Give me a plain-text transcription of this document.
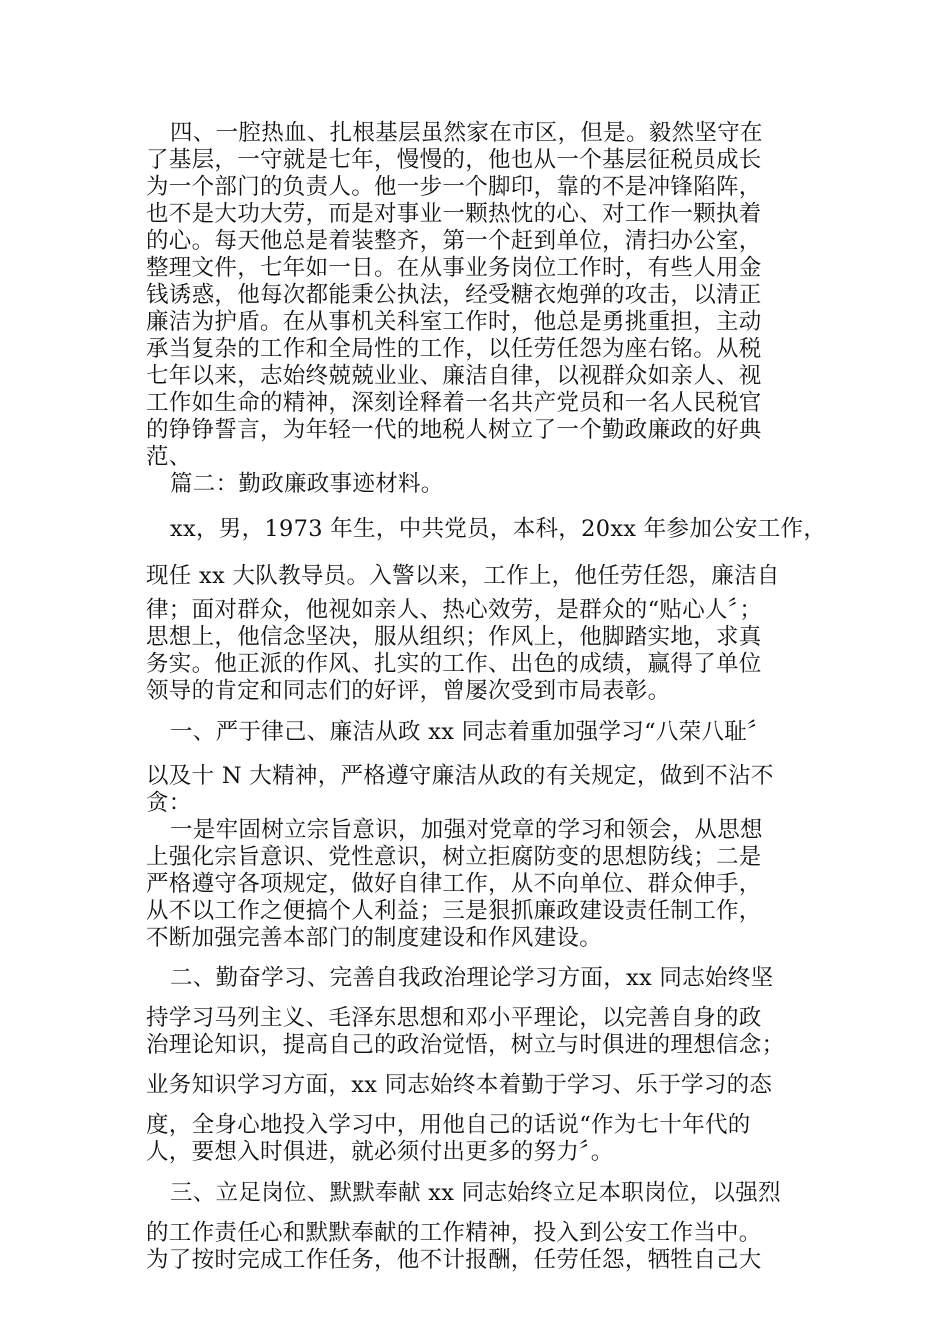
四、一腔热血、扎根基层虽然家在市区，但是。毅然坚守在

了基层，一守就是七年，慢慢的，他也从一个基层征税员成长

为一个部门的负责人。他一步一个脚印，靠的不是冲锋陷阵，

也不是大功大劳，而是对事业一颗热忱的心、对工作一颗执着

的心。每天他总是着装整齐，第一个赶到单位，清扫办公室，

整理文件，七年如一日。在从事业务岗位工作时，有些人用金

钱诱惑，他每次都能秉公执法，经受糖衣炮弹的攻击，以清正

廉洁为护盾。在从事机关科室工作时，他总是勇挑重担，主动

承当复杂的工作和全局性的工作，以任劳任怨为座右铭。从税

七年以来，志始终兢兢业业、廉洁自律，以视群众如亲人、视

工作如生命的精神，深刻诠释着一名共产党员和一名人民税官

的铮铮誓言，为年轻一代的地税人树立了一个勤政廉政的好典

范、

篇二：勤政廉政事迹材料。

xx，男，1973 年生，中共党员，本科，20xx 年参加公安工作，

现任 xx 大队教导员。入警以来，工作上，他任劳任怨，廉洁自

律；面对群众，他视如亲人、热心效劳，是群众的“贴心人〞；

思想上，他信念坚决，服从组织；作风上，他脚踏实地，求真

务实。他正派的作风、扎实的工作、出色的成绩，赢得了单位

领导的肯定和同志们的好评，曾屡次受到市局表彰。

一、严于律己、廉洁从政 xx 同志着重加强学习“八荣八耻〞

以及十 N 大精神，严格遵守廉洁从政的有关规定，做到不沾不

贪：

一是牢固树立宗旨意识，加强对党章的学习和领会，从思想

上强化宗旨意识、党性意识，树立拒腐防变的思想防线；二是

严格遵守各项规定，做好自律工作，从不向单位、群众伸手，

从不以工作之便搞个人利益；三是狠抓廉政建设责任制工作，

不断加强完善本部门的制度建设和作风建设。

二、勤奋学习、完善自我政治理论学习方面，xx 同志始终坚

持学习马列主义、毛泽东思想和邓小平理论，以完善自身的政

治理论知识，提高自己的政治觉悟，树立与时俱进的理想信念；

业务知识学习方面，xx 同志始终本着勤于学习、乐于学习的态

度，全身心地投入学习中，用他自己的话说“作为七十年代的

人，要想入时俱进，就必须付出更多的努力〞。

三、立足岗位、默默奉献 xx 同志始终立足本职岗位，以强烈

的工作责任心和默默奉献的工作精神，投入到公安工作当中。

为了按时完成工作任务，他不计报酬，任劳任怨，牺牲自己大
